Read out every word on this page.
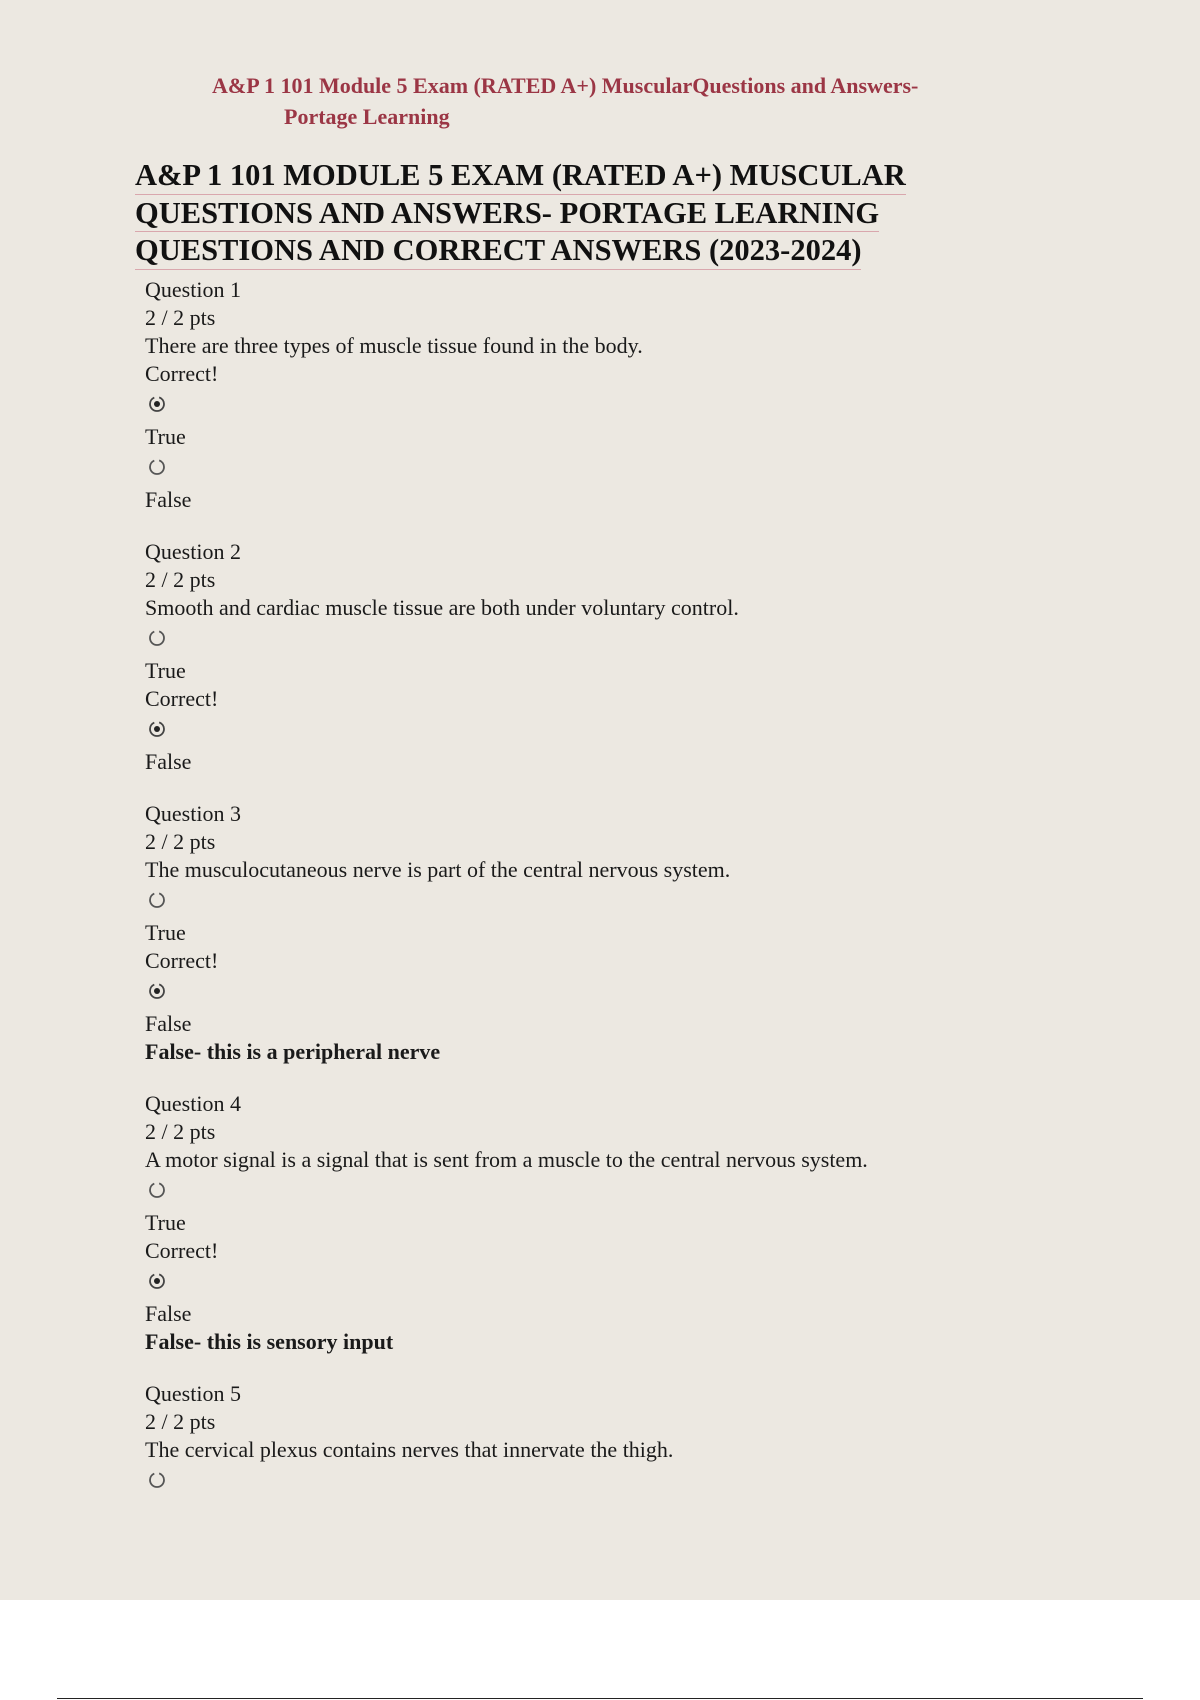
A&P 1 101 Module 5 Exam (RATED A+) MuscularQuestions and Answers-
Portage Learning
A&P 1 101 MODULE 5 EXAM (RATED A+) MUSCULAR
QUESTIONS AND ANSWERS- PORTAGE LEARNING
QUESTIONS AND CORRECT ANSWERS (2023-2024)
Question 1
2 / 2 pts
There are three types of muscle tissue found in the body.
Correct!
True
False
Question 2
2 / 2 pts
Smooth and cardiac muscle tissue are both under voluntary control.
True
Correct!
False
Question 3
2 / 2 pts
The musculocutaneous nerve is part of the central nervous system.
True
Correct!
False
False- this is a peripheral nerve
Question 4
2 / 2 pts
A motor signal is a signal that is sent from a muscle to the central nervous system.
True
Correct!
False
False- this is sensory input
Question 5
2 / 2 pts
The cervical plexus contains nerves that innervate the thigh.
